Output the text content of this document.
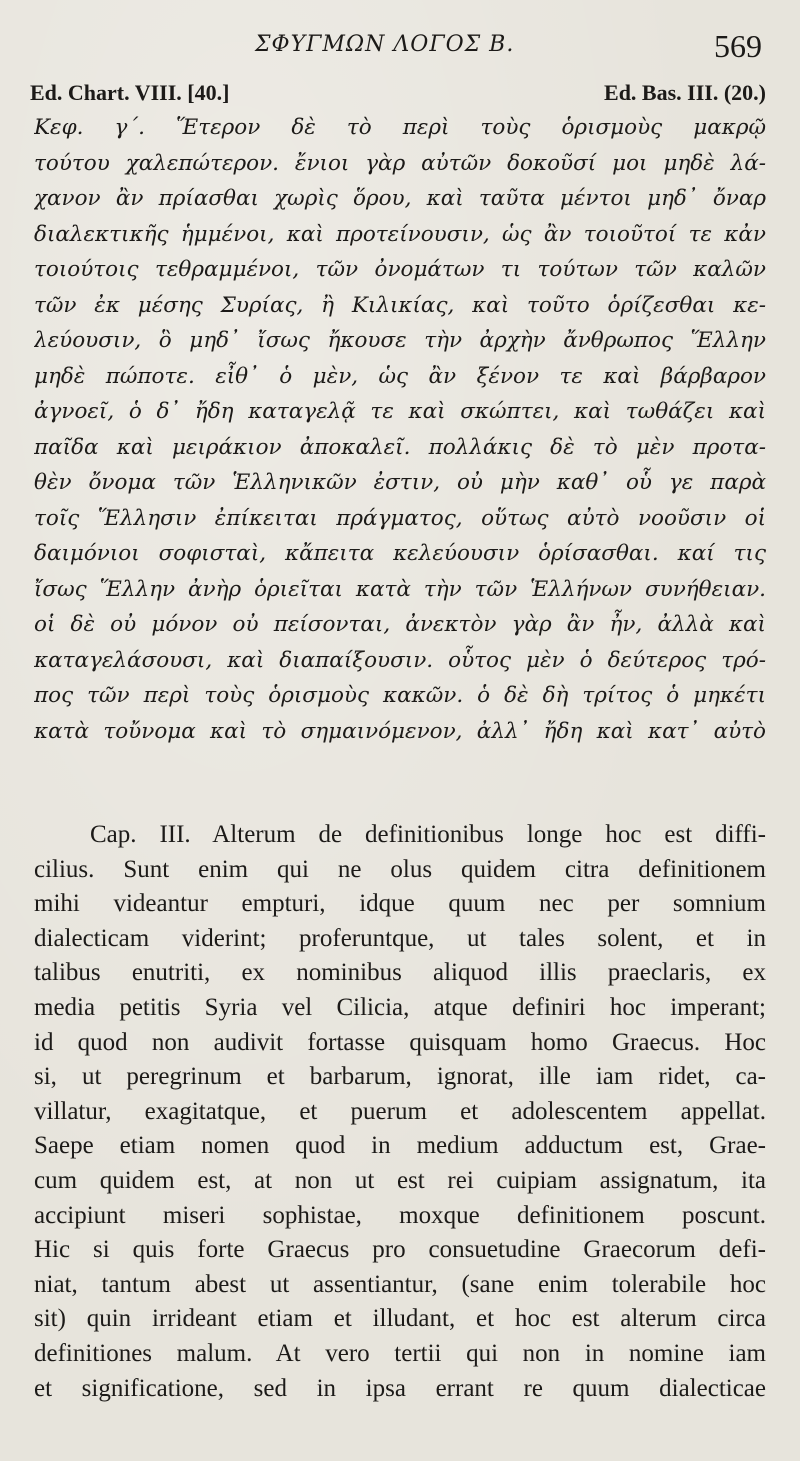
ΣΦΥΓΜΩΝ ΛΟΓΟΣ Β.	569
Ed. Chart. VIII. [40.]	Ed. Bas. III. (20.)
Κεφ. γ΄. Ἕτερον δὲ τὸ περὶ τοὺς ὁρισμοὺς μακρῷ
τούτου χαλεπώτερον. ἔνιοι γὰρ αὐτῶν δοκοῦσί μοι μηδὲ λά-
χανον ἂν πρίασθαι χωρὶς ὅρου, καὶ ταῦτα μέντοι μηδ᾽ ὄναρ
διαλεκτικῆς ἡμμένοι, καὶ προτείνουσιν, ὡς ἂν τοιοῦτοί τε κἀν
τοιούτοις τεθραμμένοι, τῶν ὀνομάτων τι τούτων τῶν καλῶν
τῶν ἐκ μέσης Συρίας, ἢ Κιλικίας, καὶ τοῦτο ὁρίζεσθαι κε-
λεύουσιν, ὃ μηδ᾽ ἴσως ἤκουσε τὴν ἀρχὴν ἄνθρωπος Ἕλλην
μηδὲ πώποτε. εἶθ᾽ ὁ μὲν, ὡς ἂν ξένον τε καὶ βάρβαρον
ἀγνοεῖ, ὁ δ᾽ ἤδη καταγελᾷ τε καὶ σκώπτει, καὶ τωθάζει καὶ
παῖδα καὶ μειράκιον ἀποκαλεῖ. πολλάκις δὲ τὸ μὲν προτα-
θὲν ὄνομα τῶν Ἑλληνικῶν ἐστιν, οὐ μὴν καθ᾽ οὗ γε παρὰ
τοῖς Ἕλλησιν ἐπίκειται πράγματος, οὕτως αὐτὸ νοοῦσιν οἱ
δαιμόνιοι σοφισταὶ, κἄπειτα κελεύουσιν ὁρίσασθαι. καί τις
ἴσως Ἕλλην ἀνὴρ ὁριεῖται κατὰ τὴν τῶν Ἑλλήνων συνήθειαν.
οἱ δὲ οὐ μόνον οὐ πείσονται, ἀνεκτὸν γὰρ ἂν ἦν, ἀλλὰ καὶ
καταγελάσουσι, καὶ διαπαίξουσιν. οὗτος μὲν ὁ δεύτερος τρό-
πος τῶν περὶ τοὺς ὁρισμοὺς κακῶν. ὁ δὲ δὴ τρίτος ὁ μηκέτι
κατὰ τοὔνομα καὶ τὸ σημαινόμενον, ἀλλ᾽ ἤδη καὶ κατ᾽ αὐτὸ
Cap. III. Alterum de definitionibus longe hoc est diffi-
cilius. Sunt enim qui ne olus quidem citra definitionem
mihi videantur empturi, idque quum nec per somnium
dialecticam viderint; proferuntque, ut tales solent, et in
talibus enutriti, ex nominibus aliquod illis praeclaris, ex
media petitis Syria vel Cilicia, atque definiri hoc imperant;
id quod non audivit fortasse quisquam homo Graecus. Hoc
si, ut peregrinum et barbarum, ignorat, ille iam ridet, ca-
villatur, exagitatque, et puerum et adolescentem appellat.
Saepe etiam nomen quod in medium adductum est, Grae-
cum quidem est, at non ut est rei cuipiam assignatum, ita
accipiunt miseri sophistae, moxque definitionem poscunt.
Hic si quis forte Graecus pro consuetudine Graecorum defi-
niat, tantum abest ut assentiantur, (sane enim tolerabile hoc
sit) quin irrideant etiam et illudant, et hoc est alterum circa
definitiones malum. At vero tertii qui non in nomine iam
et significatione, sed in ipsa errant re quum dialecticae
